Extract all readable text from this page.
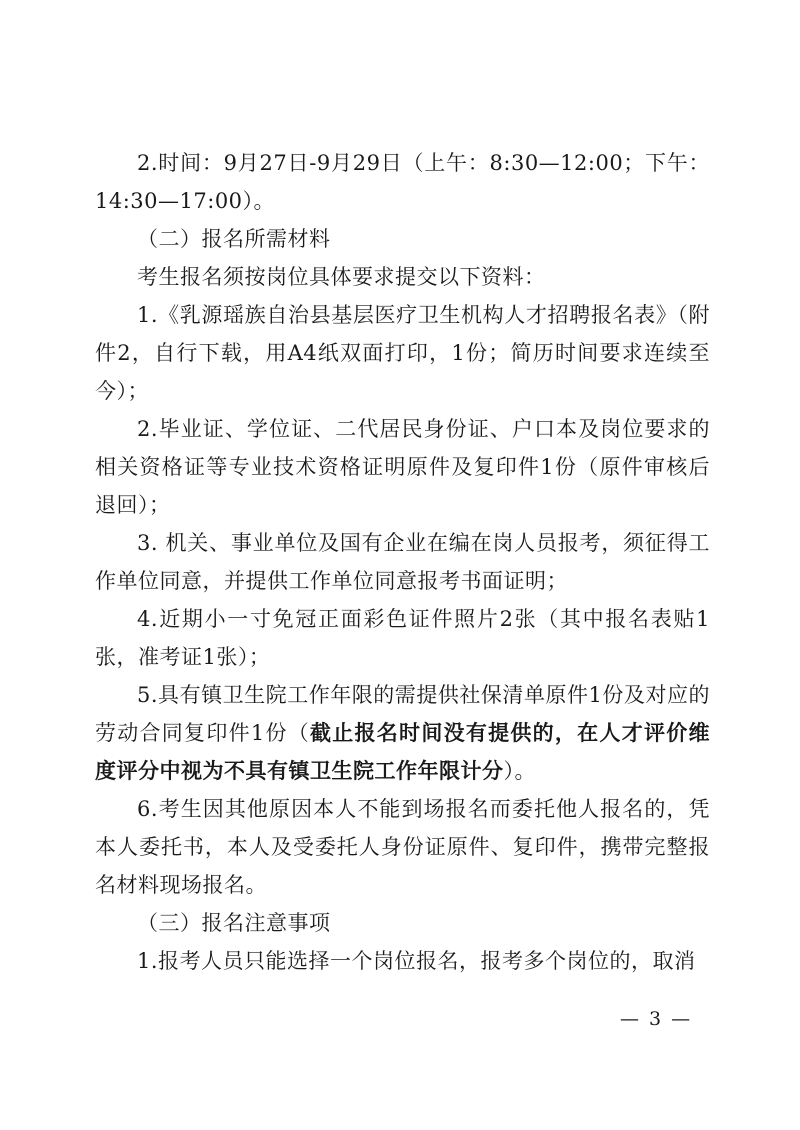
2.时间：9月27日-9月29日（上午：8:30—12:00；下午：14:30—17:00）。

（二）报名所需材料

考生报名须按岗位具体要求提交以下资料：

1.《乳源瑶族自治县基层医疗卫生机构人才招聘报名表》（附件2，自行下载，用A4纸双面打印，1份；简历时间要求连续至今）；

2.毕业证、学位证、二代居民身份证、户口本及岗位要求的相关资格证等专业技术资格证明原件及复印件1份（原件审核后退回）；

3. 机关、事业单位及国有企业在编在岗人员报考，须征得工作单位同意，并提供工作单位同意报考书面证明；

4.近期小一寸免冠正面彩色证件照片2张（其中报名表贴1张，准考证1张）；

5.具有镇卫生院工作年限的需提供社保清单原件1份及对应的劳动合同复印件1份（截止报名时间没有提供的，在人才评价维度评分中视为不具有镇卫生院工作年限计分）。

6.考生因其他原因本人不能到场报名而委托他人报名的，凭本人委托书，本人及受委托人身份证原件、复印件，携带完整报名材料现场报名。

（三）报名注意事项

1.报考人员只能选择一个岗位报名，报考多个岗位的，取消

— 3 —
